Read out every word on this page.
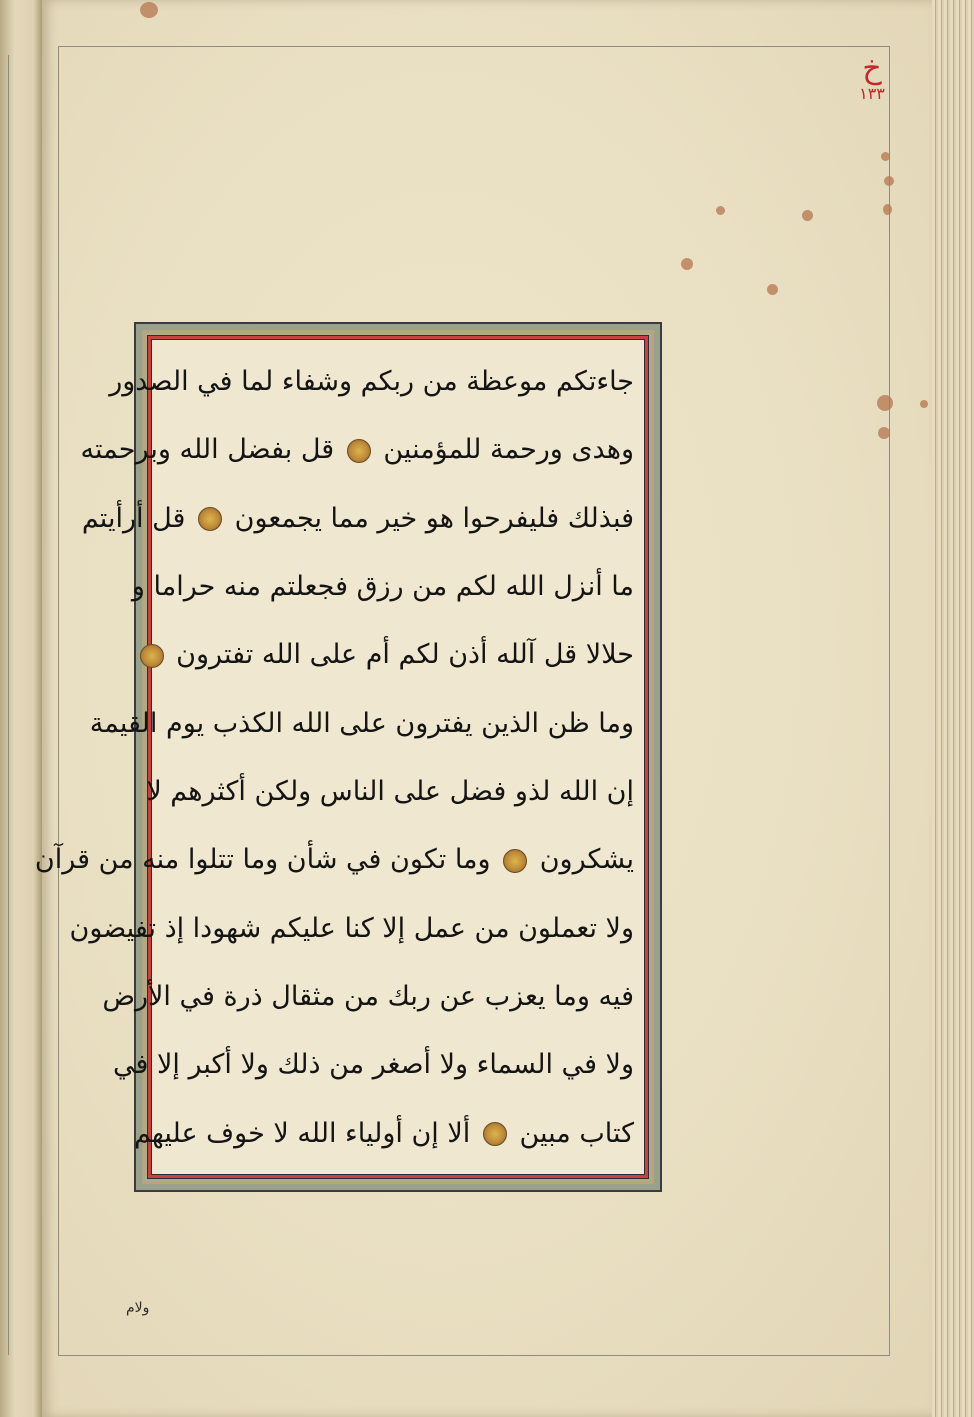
خ
١٣٣
جاءتكم موعظة من ربكم وشفاء لما في الصدور
وهدى ورحمة للمؤمنين  قل بفضل الله وبرحمته
فبذلك فليفرحوا هو خير مما يجمعون  قل أرأيتم
ما أنزل الله لكم من رزق فجعلتم منه حراما و
حلالا قل آلله أذن لكم أم على الله تفترون
وما ظن الذين يفترون على الله الكذب يوم القيمة
إن الله لذو فضل على الناس ولكن أكثرهم لا
يشكرون  وما تكون في شأن وما تتلوا منه من قرآن
ولا تعملون من عمل إلا كنا عليكم شهودا إذ تفيضون
فيه وما يعزب عن ربك من مثقال ذرة في الأرض
ولا في السماء ولا أصغر من ذلك ولا أكبر إلا في
كتاب مبين  ألا إن أولياء الله لا خوف عليهم
ولام
